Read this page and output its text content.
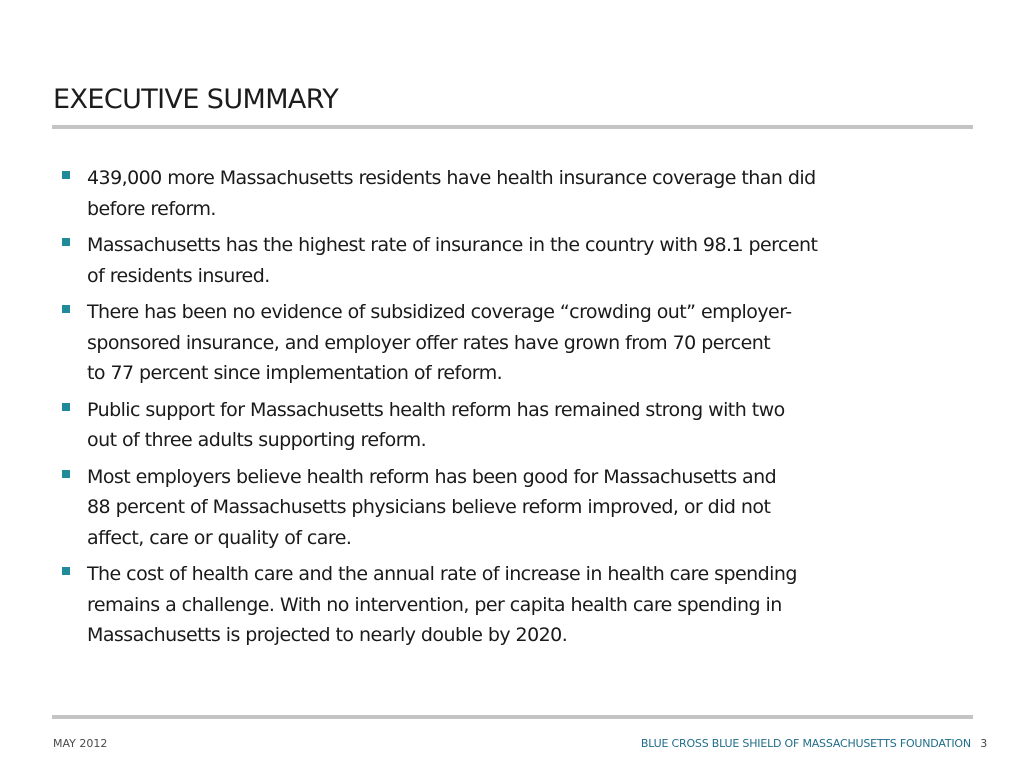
EXECUTIVE SUMMARY
439,000 more Massachusetts residents have health insurance coverage than did
before reform.
Massachusetts has the highest rate of insurance in the country with 98.1 percent
of residents insured.
There has been no evidence of subsidized coverage “crowding out” employer-
sponsored insurance, and employer offer rates have grown from 70 percent
to 77 percent since implementation of reform.
Public support for Massachusetts health reform has remained strong with two
out of three adults supporting reform.
Most employers believe health reform has been good for Massachusetts and
88 percent of Massachusetts physicians believe reform improved, or did not
affect, care or quality of care.
The cost of health care and the annual rate of increase in health care spending
remains a challenge. With no intervention, per capita health care spending in
Massachusetts is projected to nearly double by 2020.
MAY 2012	BLUE CROSS BLUE SHIELD OF MASSACHUSETTS FOUNDATION 3
